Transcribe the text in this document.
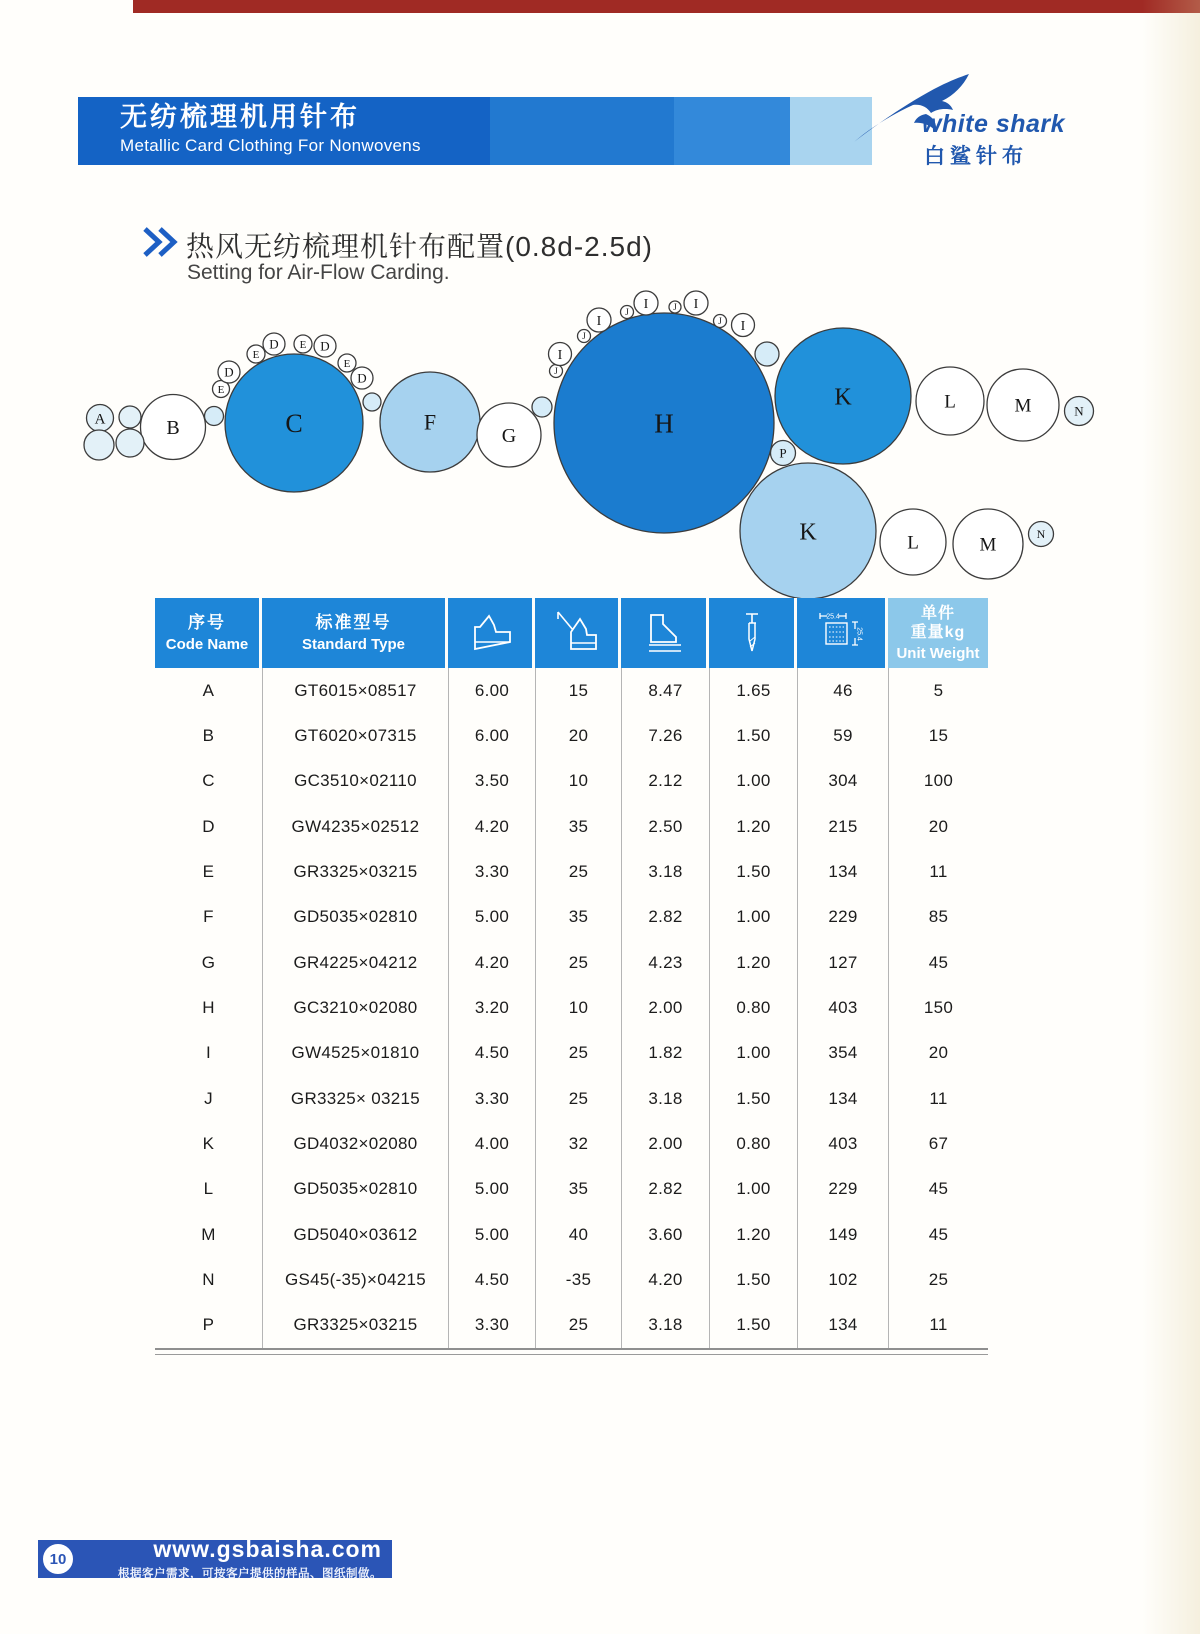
无纺梳理机用针布
Metallic Card Clothing For Nonwovens
white shark
白鲨针布
热风无纺梳理机针布配置(0.8d-2.5d)
Setting for Air-Flow Carding.
C	F	H
K
K
B	G
L	M
L	M
N
N
A
E
D
E
D E D
E
D	J
I
J
I
J
I	J I
J I
P
序号
Code Name
标准型号
Standard Type
25.4
25.4
单件
重量kg
Unit Weight
A	GT6015×08517	6.00	15	8.47	1.65	46	5
B	GT6020×07315	6.00	20	7.26	1.50	59	15
C	GC3510×02110	3.50	10	2.12	1.00	304	100
D	GW4235×02512	4.20	35	2.50	1.20	215	20
E	GR3325×03215	3.30	25	3.18	1.50	134	11
F	GD5035×02810	5.00	35	2.82	1.00	229	85
G	GR4225×04212	4.20	25	4.23	1.20	127	45
H	GC3210×02080	3.20	10	2.00	0.80	403	150
I	GW4525×01810	4.50	25	1.82	1.00	354	20
J	GR3325× 03215	3.30	25	3.18	1.50	134	11
K	GD4032×02080	4.00	32	2.00	0.80	403	67
L	GD5035×02810	5.00	35	2.82	1.00	229	45
M	GD5040×03612	5.00	40	3.60	1.20	149	45
N	GS45(-35)×04215	4.50	-35	4.20	1.50	102	25
P	GR3325×03215	3.30	25	3.18	1.50	134	11
www.gsbaisha.com
根据客户需求，可按客户提供的样品、图纸制做。
10
